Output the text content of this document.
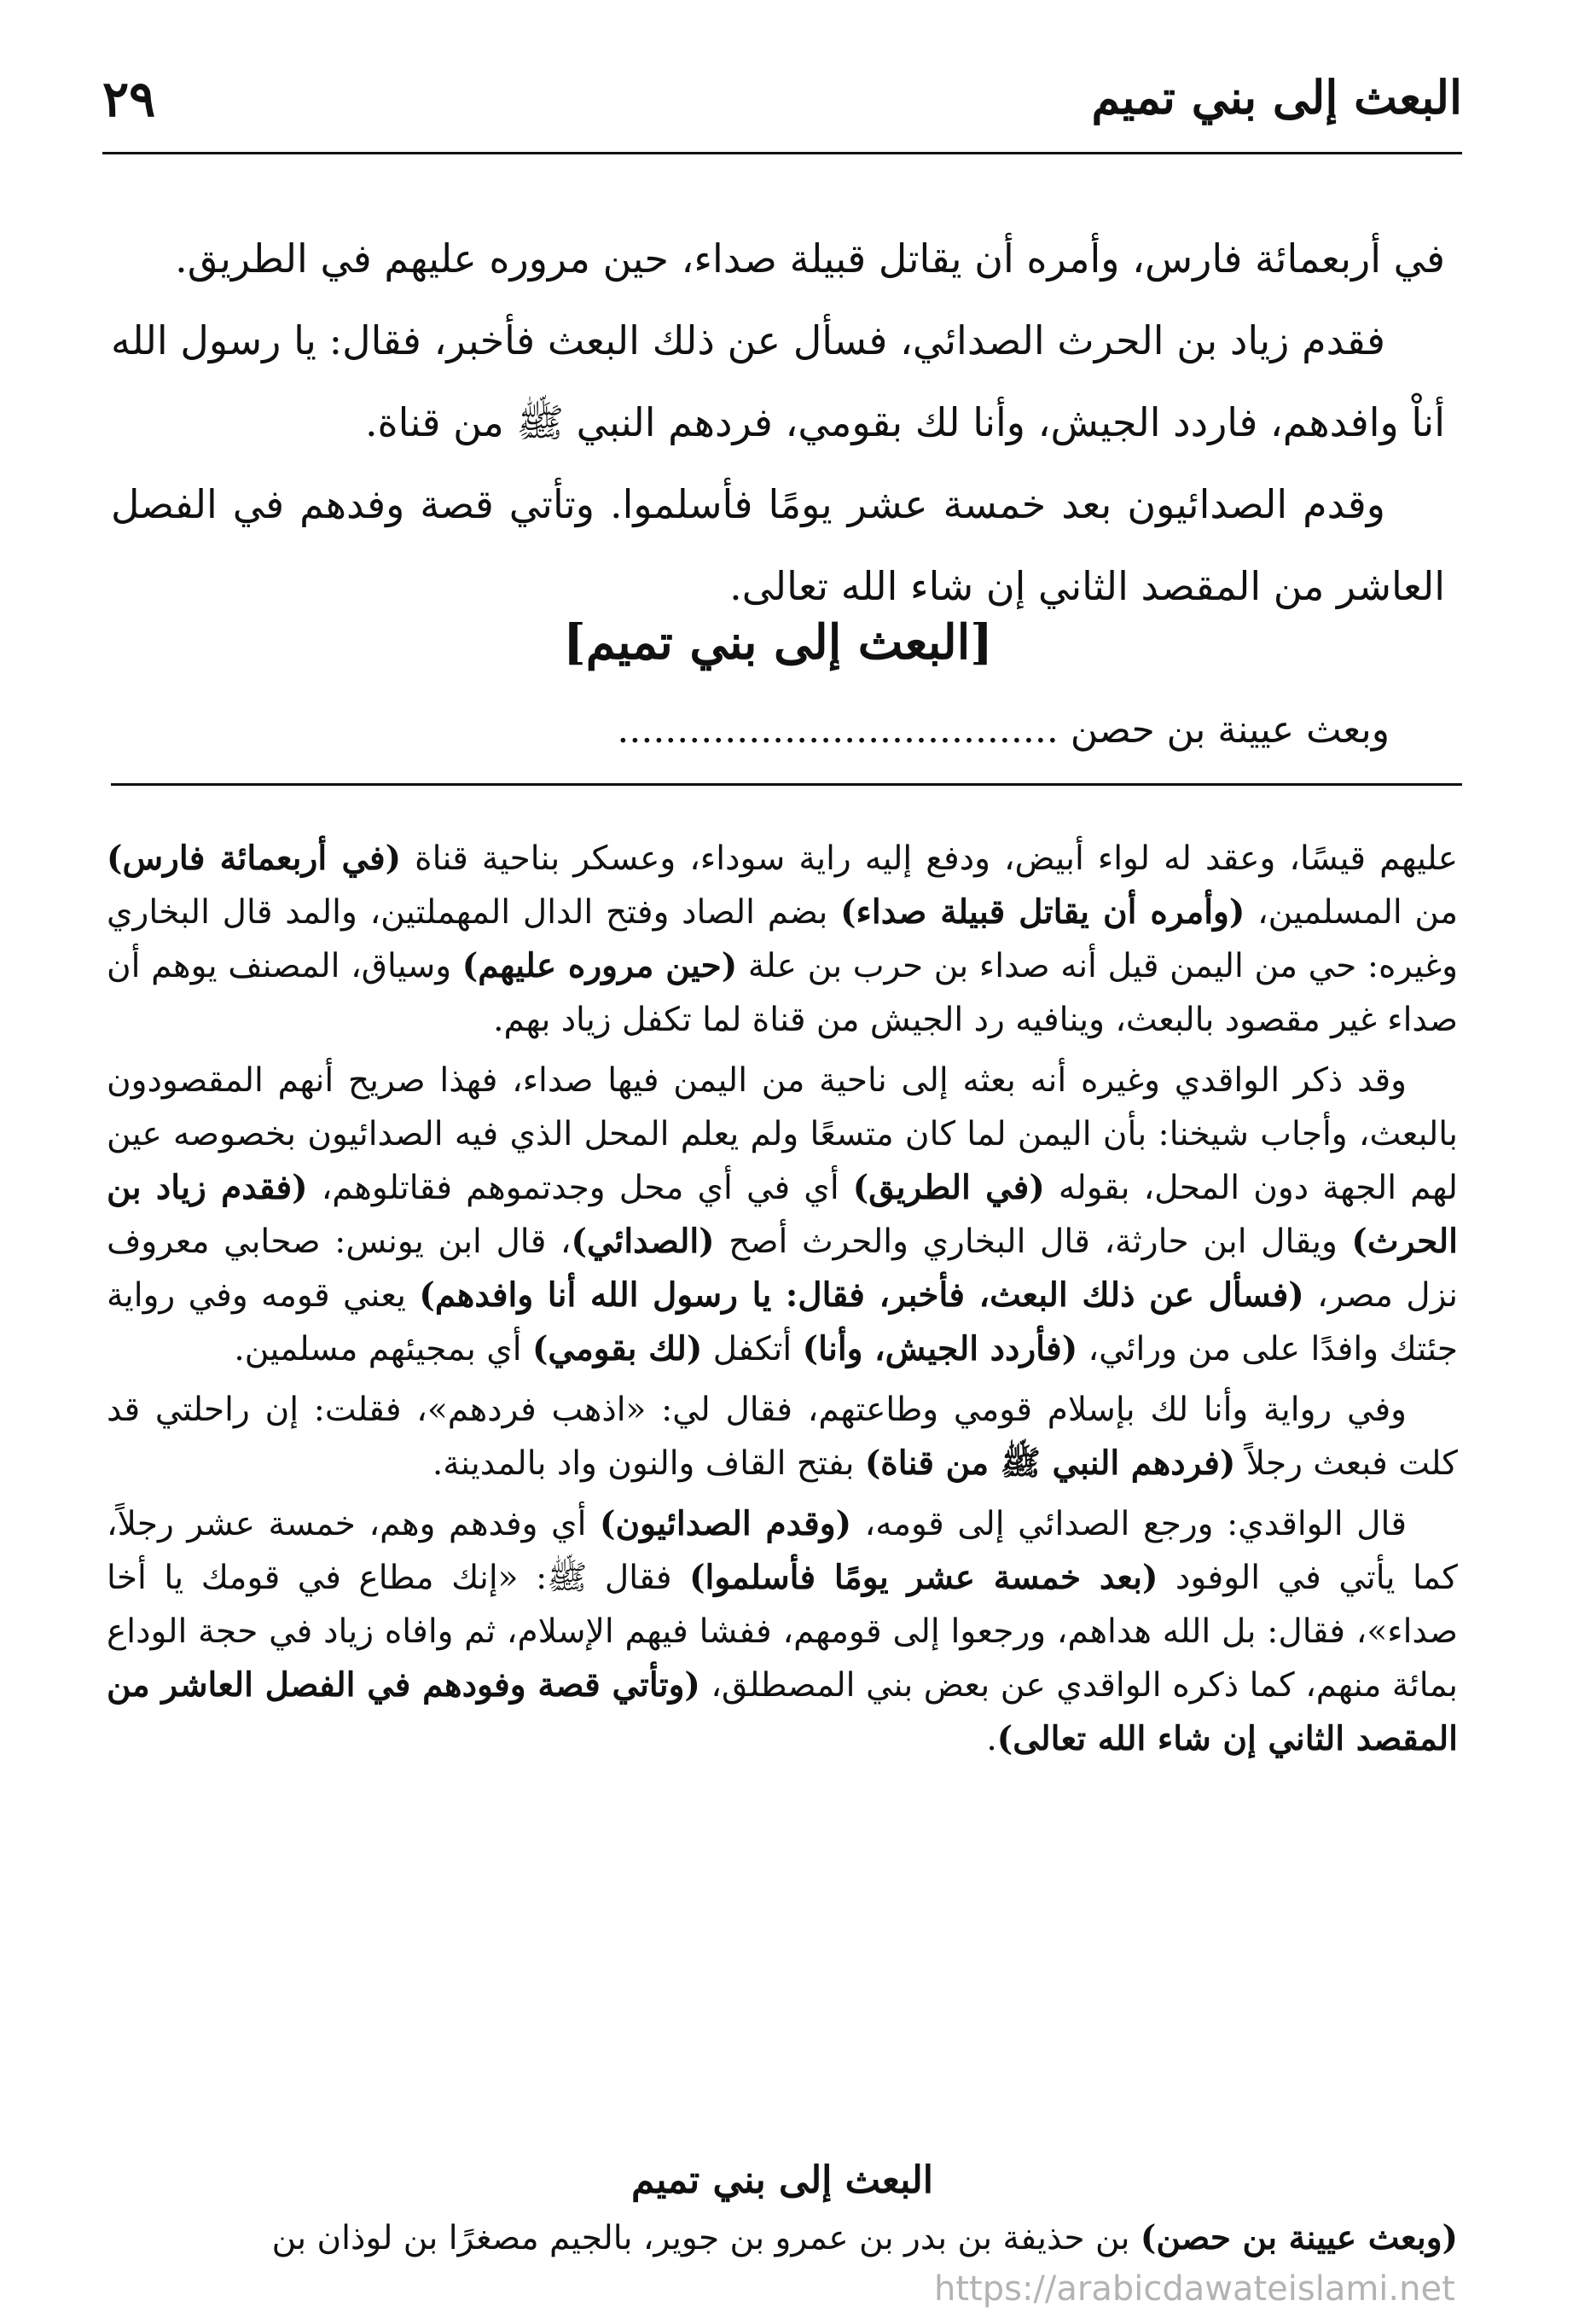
البعث إلى بني تميم
٢٩

في أربعمائة فارس، وأمره أن يقاتل قبيلة صداء، حين مروره عليهم في الطريق.

فقدم زياد بن الحرث الصدائي، فسأل عن ذلك البعث فأخبر، فقال: يا رسول الله أناْ وافدهم، فاردد الجيش، وأنا لك بقومي، فردهم النبي ﷺ من قناة.

وقدم الصدائيون بعد خمسة عشر يومًا فأسلموا. وتأتي قصة وفدهم في الفصل العاشر من المقصد الثاني إن شاء الله تعالى.

[البعث إلى بني تميم]
وبعث عيينة بن حصن .....................................

عليهم قيسًا، وعقد له لواء أبيض، ودفع إليه راية سوداء، وعسكر بناحية قناة (في أربعمائة فارس) من المسلمين، (وأمره أن يقاتل قبيلة صداء) بضم الصاد وفتح الدال المهملتين، والمد قال البخاري وغيره: حي من اليمن قيل أنه صداء بن حرب بن علة (حين مروره عليهم) وسياق، المصنف يوهم أن صداء غير مقصود بالبعث، وينافيه رد الجيش من قناة لما تكفل زياد بهم.

وقد ذكر الواقدي وغيره أنه بعثه إلى ناحية من اليمن فيها صداء، فهذا صريح أنهم المقصودون بالبعث، وأجاب شيخنا: بأن اليمن لما كان متسعًا ولم يعلم المحل الذي فيه الصدائيون بخصوصه عين لهم الجهة دون المحل، بقوله (في الطريق) أي في أي محل وجدتموهم فقاتلوهم، (فقدم زياد بن الحرث) ويقال ابن حارثة، قال البخاري والحرث أصح (الصدائي)، قال ابن يونس: صحابي معروف نزل مصر، (فسأل عن ذلك البعث، فأخبر، فقال: يا رسول الله أنا وافدهم) يعني قومه وفي رواية جئتك وافدًا على من ورائي، (فأردد الجيش، وأنا) أتكفل (لك بقومي) أي بمجيئهم مسلمين.

وفي رواية وأنا لك بإسلام قومي وطاعتهم، فقال لي: «اذهب فردهم»، فقلت: إن راحلتي قد كلت فبعث رجلاً (فردهم النبي ﷺ من قناة) بفتح القاف والنون واد بالمدينة.

قال الواقدي: ورجع الصدائي إلى قومه، (وقدم الصدائيون) أي وفدهم وهم، خمسة عشر رجلاً، كما يأتي في الوفود (بعد خمسة عشر يومًا فأسلموا) فقال ﷺ: «إنك مطاع في قومك يا أخا صداء»، فقال: بل الله هداهم، ورجعوا إلى قومهم، ففشا فيهم الإسلام، ثم وافاه زياد في حجة الوداع بمائة منهم، كما ذكره الواقدي عن بعض بني المصطلق، (وتأتي قصة وفودهم في الفصل العاشر من المقصد الثاني إن شاء الله تعالى).

البعث إلى بني تميم
(وبعث عيينة بن حصن) بن حذيفة بن بدر بن عمرو بن جوير، بالجيم مصغرًا بن لوذان بن
https://arabicdawateislami.net
